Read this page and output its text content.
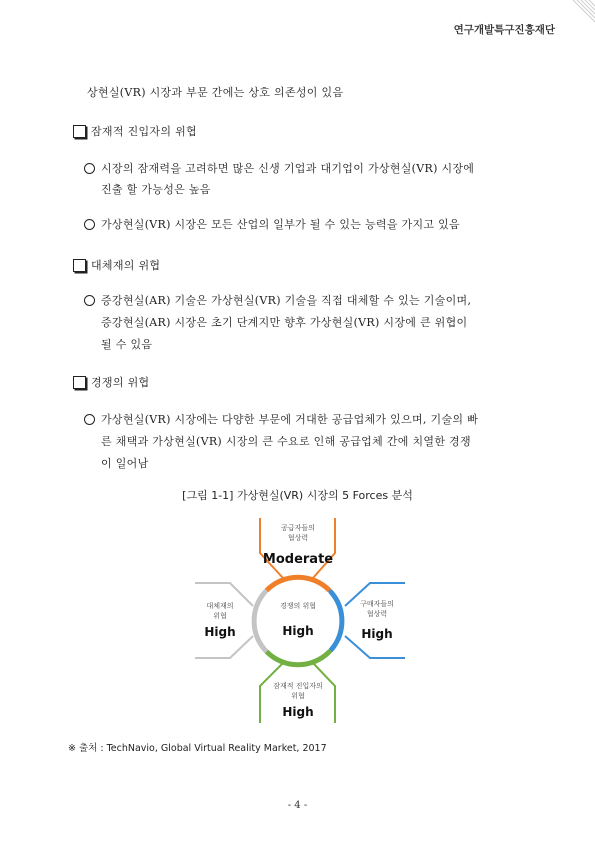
연구개발특구진흥재단
상현실(VR) 시장과 부문 간에는 상호 의존성이 있음
잠재적 진입자의 위협
시장의 잠재력을 고려하면 많은 신생 기업과 대기업이 가상현실(VR) 시장에
진출 할 가능성은 높음
가상현실(VR) 시장은 모든 산업의 일부가 될 수 있는 능력을 가지고 있음
대체재의 위협
증강현실(AR) 기술은 가상현실(VR) 기술을 직접 대체할 수 있는 기술이며,
증강현실(AR) 시장은 초기 단계지만 향후 가상현실(VR) 시장에 큰 위협이
될 수 있음
경쟁의 위협
가상현실(VR) 시장에는 다양한 부문에 거대한 공급업체가 있으며, 기술의 빠
른 채택과 가상현실(VR) 시장의 큰 수요로 인해 공급업체 간에 치열한 경쟁
이 일어남
[그림 1-1] 가상현실(VR) 시장의 5 Forces 분석
공급자들의
협상력
Moderate
대체재의
위협
High
경쟁의 위협
High
구매자들의
협상력
High
잠재적 진입자의
위협
High
※ 출처 : TechNavio, Global Virtual Reality Market, 2017
- 4 -
